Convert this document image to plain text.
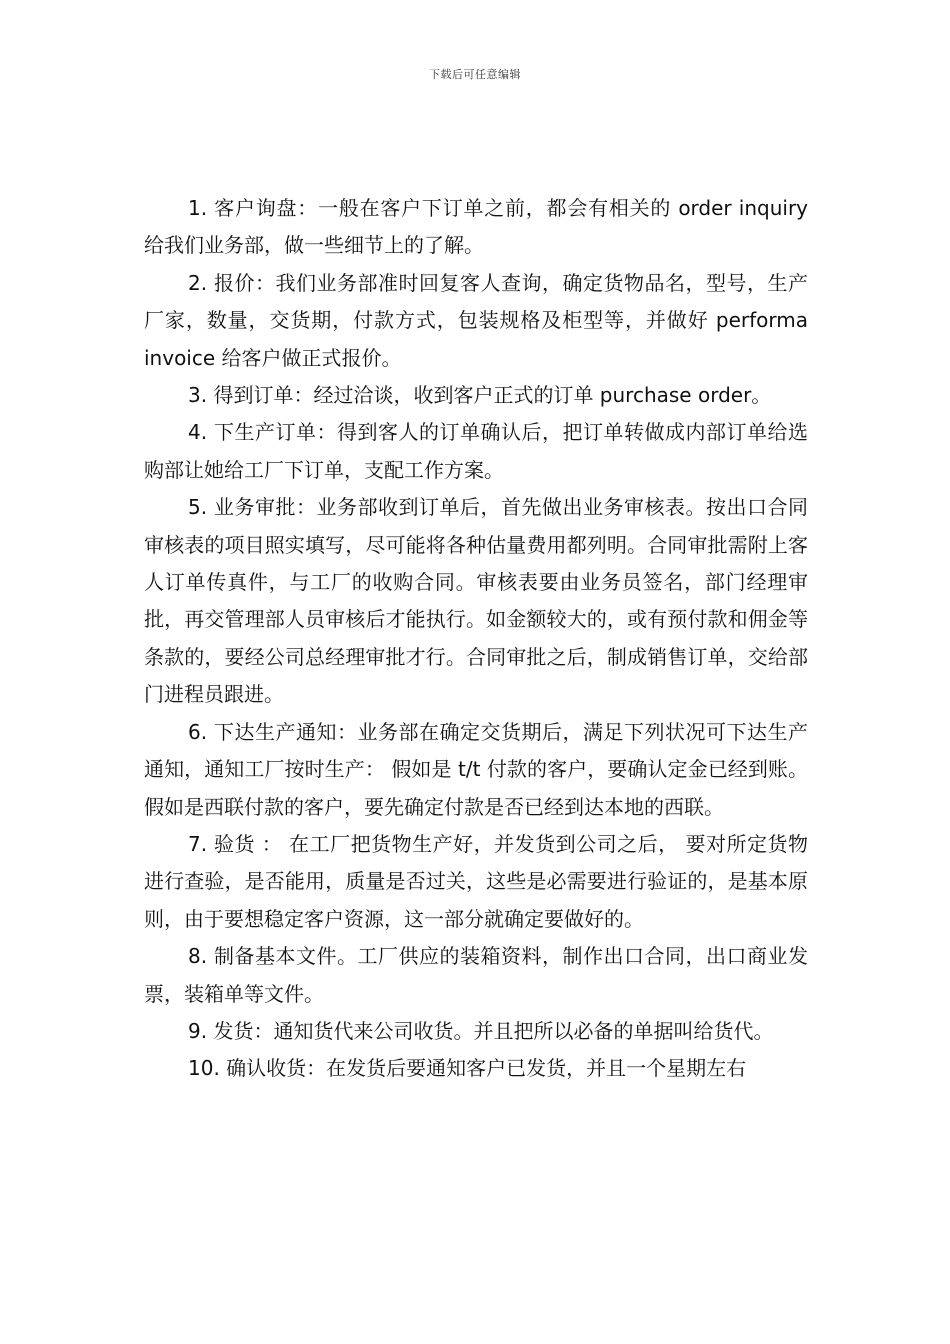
下载后可任意编辑

1. 客户询盘：一般在客户下订单之前，都会有相关的 order inquiry 给我们业务部，做一些细节上的了解。

2. 报价：我们业务部准时回复客人查询，确定货物品名，型号，生产厂家，数量，交货期，付款方式，包装规格及柜型等，并做好 performa invoice 给客户做正式报价。

3. 得到订单：经过洽谈，收到客户正式的订单 purchase order。

4. 下生产订单：得到客人的订单确认后，把订单转做成内部订单给选购部让她给工厂下订单，支配工作方案。

5. 业务审批：业务部收到订单后，首先做出业务审核表。按出口合同审核表的项目照实填写，尽可能将各种估量费用都列明。合同审批需附上客人订单传真件，与工厂的收购合同。审核表要由业务员签名，部门经理审批，再交管理部人员审核后才能执行。如金额较大的，或有预付款和佣金等条款的，要经公司总经理审批才行。合同审批之后，制成销售订单，交给部门进程员跟进。

6. 下达生产通知：业务部在确定交货期后，满足下列状况可下达生产通知，通知工厂按时生产： 假如是 t/t 付款的客户，要确认定金已经到账。 假如是西联付款的客户，要先确定付款是否已经到达本地的西联。

7. 验货 ： 在工厂把货物生产好，并发货到公司之后， 要对所定货物进行查验，是否能用，质量是否过关，这些是必需要进行验证的，是基本原则，由于要想稳定客户资源，这一部分就确定要做好的。

8. 制备基本文件。工厂供应的装箱资料，制作出口合同，出口商业发票，装箱单等文件。

9. 发货：通知货代来公司收货。并且把所以必备的单据叫给货代。

10. 确认收货：在发货后要通知客户已发货，并且一个星期左右
